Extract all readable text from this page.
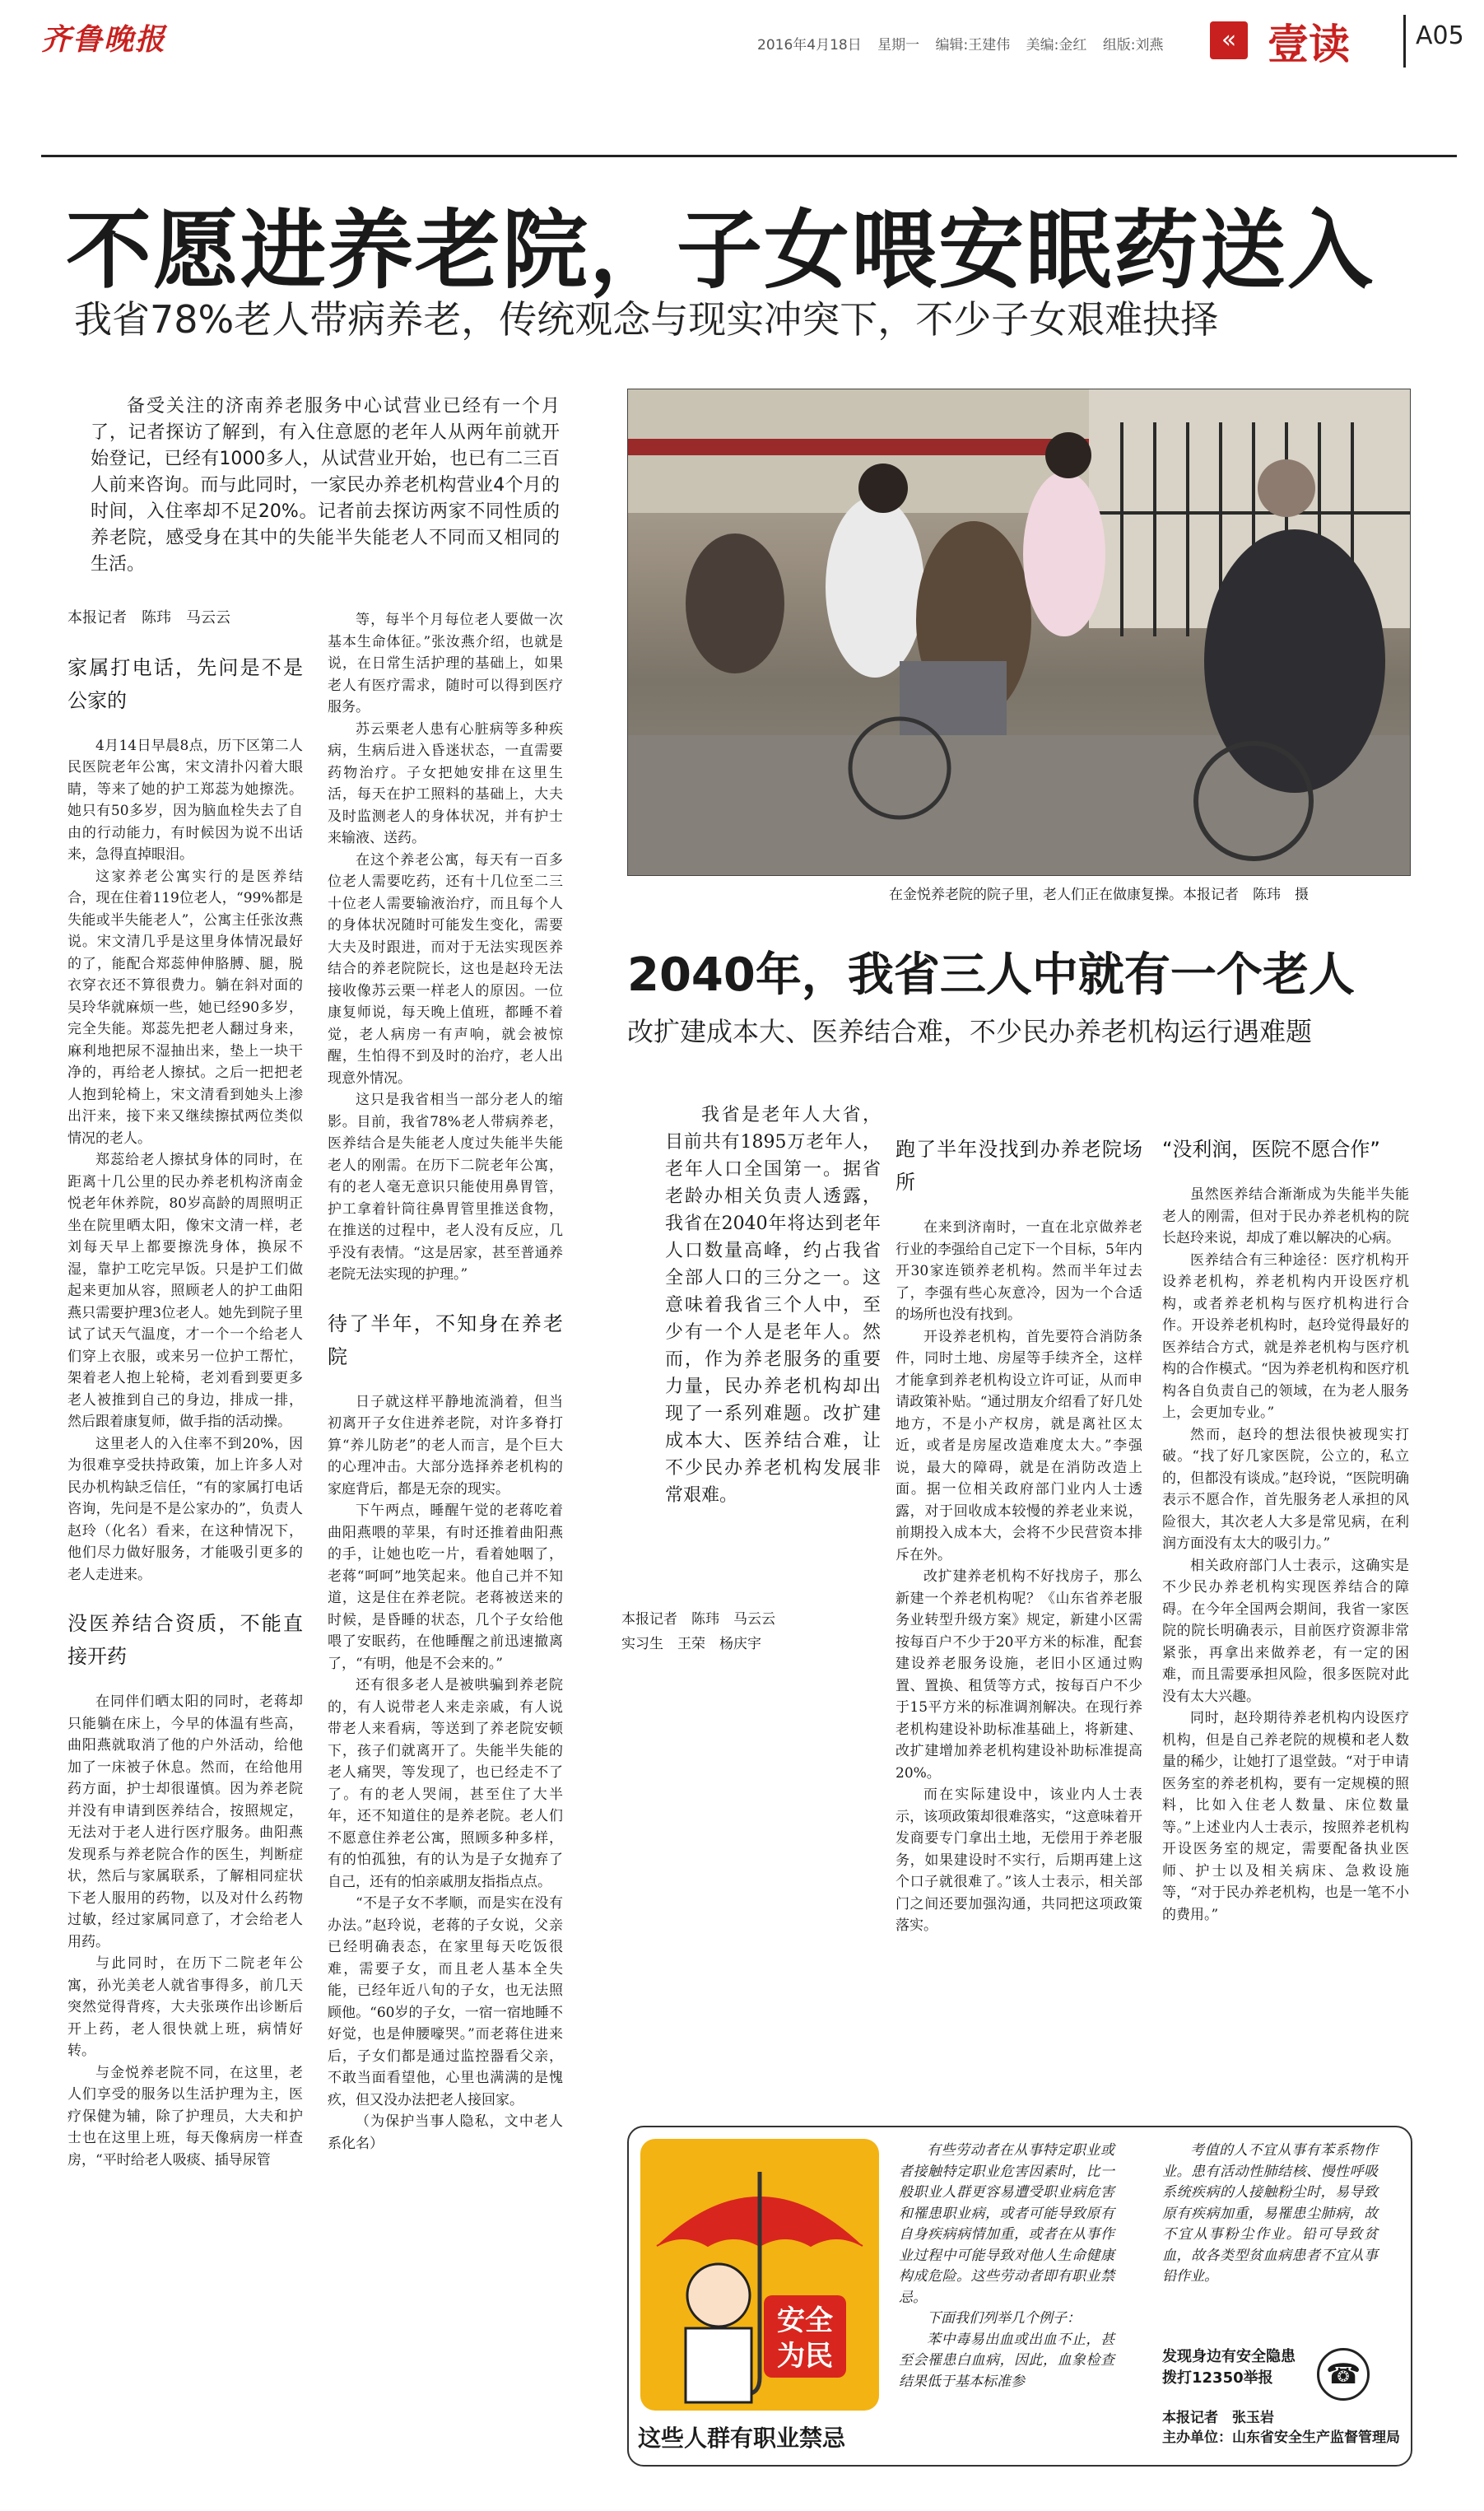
齐鲁晚报	2016年4月18日 星期一 编辑:王建伟 美编:金红 组版:刘燕	« 壹读	A05
不愿进养老院，子女喂安眠药送入
我省78%老人带病养老，传统观念与现实冲突下，不少子女艰难抉择

备受关注的济南养老服务中心试营业已经有一个月了，记者探访了解到，有入住意愿的老年人从两年前就开始登记，已经有1000多人，从试营业开始，也已有二三百人前来咨询。而与此同时，一家民办养老机构营业4个月的时间，入住率却不足20%。记者前去探访两家不同性质的养老院，感受身在其中的失能半失能老人不同而又相同的生活。

本报记者　陈玮　马云云
家属打电话，先问是不是公家的

4月14日早晨8点，历下区第二人民医院老年公寓，宋文清扑闪着大眼睛，等来了她的护工郑蕊为她擦洗。她只有50多岁，因为脑血栓失去了自由的行动能力，有时候因为说不出话来，急得直掉眼泪。

这家养老公寓实行的是医养结合，现在住着119位老人，“99%都是失能或半失能老人”，公寓主任张汝燕说。宋文清几乎是这里身体情况最好的了，能配合郑蕊伸伸胳膊、腿，脱衣穿衣还不算很费力。躺在斜对面的吴玲华就麻烦一些，她已经90多岁，完全失能。郑蕊先把老人翻过身来，麻利地把尿不湿抽出来，垫上一块干净的，再给老人擦拭。之后一把把老人抱到轮椅上，宋文清看到她头上渗出汗来，接下来又继续擦拭两位类似情况的老人。

郑蕊给老人擦拭身体的同时，在距离十几公里的民办养老机构济南金悦老年休养院，80岁高龄的周照明正坐在院里晒太阳，像宋文清一样，老刘每天早上都要擦洗身体，换尿不湿，靠护工吃完早饭。只是护工们做起来更加从容，照顾老人的护工曲阳燕只需要护理3位老人。她先到院子里试了试天气温度，才一个一个给老人们穿上衣服，或来另一位护工帮忙，架着老人抱上轮椅，老刘看到要更多老人被推到自己的身边，排成一排，然后跟着康复师，做手指的活动操。

这里老人的入住率不到20%，因为很难享受扶持政策，加上许多人对民办机构缺乏信任，“有的家属打电话咨询，先问是不是公家办的”，负责人赵玲（化名）看来，在这种情况下，他们尽力做好服务，才能吸引更多的老人走进来。

没医养结合资质，不能直接开药

在同伴们晒太阳的同时，老蒋却只能躺在床上，今早的体温有些高，曲阳燕就取消了他的户外活动，给他加了一床被子休息。然而，在给他用药方面，护士却很谨慎。因为养老院并没有申请到医养结合，按照规定，无法对于老人进行医疗服务。曲阳燕发现系与养老院合作的医生，判断症状，然后与家属联系，了解相同症状下老人服用的药物，以及对什么药物过敏，经过家属同意了，才会给老人用药。

与此同时，在历下二院老年公寓，孙光美老人就省事得多，前几天突然觉得背疼，大夫张瑛作出诊断后开上药，老人很快就上班，病情好转。

与金悦养老院不同，在这里，老人们享受的服务以生活护理为主，医疗保健为辅，除了护理员，大夫和护士也在这里上班，每天像病房一样查房，“平时给老人吸痰、插导尿管

等，每半个月每位老人要做一次基本生命体征。”张汝燕介绍，也就是说，在日常生活护理的基础上，如果老人有医疗需求，随时可以得到医疗服务。

苏云栗老人患有心脏病等多种疾病，生病后进入昏迷状态，一直需要药物治疗。子女把她安排在这里生活，每天在护工照料的基础上，大夫及时监测老人的身体状况，并有护士来输液、送药。

在这个养老公寓，每天有一百多位老人需要吃药，还有十几位至二三十位老人需要输液治疗，而且每个人的身体状况随时可能发生变化，需要大夫及时跟进，而对于无法实现医养结合的养老院院长，这也是赵玲无法接收像苏云栗一样老人的原因。一位康复师说，每天晚上值班，都睡不着觉，老人病房一有声响，就会被惊醒，生怕得不到及时的治疗，老人出现意外情况。

这只是我省相当一部分老人的缩影。目前，我省78%老人带病养老，医养结合是失能老人度过失能半失能老人的刚需。在历下二院老年公寓，有的老人毫无意识只能使用鼻胃管，护工拿着针筒往鼻胃管里推送食物，在推送的过程中，老人没有反应，几乎没有表情。“这是居家，甚至普通养老院无法实现的护理。”

待了半年，不知身在养老院

日子就这样平静地流淌着，但当初离开子女住进养老院，对许多脊打算“养儿防老”的老人而言，是个巨大的心理冲击。大部分选择养老机构的家庭背后，都是无奈的现实。

下午两点，睡醒午觉的老蒋吃着曲阳燕喂的苹果，有时还推着曲阳燕的手，让她也吃一片，看着她咽了，老蒋“呵呵”地笑起来。他自己并不知道，这是住在养老院。老蒋被送来的时候，是昏睡的状态，几个子女给他喂了安眠药，在他睡醒之前迅速撤离了，“有明，他是不会来的。”

还有很多老人是被哄骗到养老院的，有人说带老人来走亲戚，有人说带老人来看病，等送到了养老院安顿下，孩子们就离开了。失能半失能的老人痛哭，等发现了，也已经走不了了。有的老人哭闹，甚至住了大半年，还不知道住的是养老院。老人们不愿意住养老公寓，照顾多种多样，有的怕孤独，有的认为是子女抛弃了自己，还有的怕亲戚朋友指指点点。

“不是子女不孝顺，而是实在没有办法。”赵玲说，老蒋的子女说，父亲已经明确表态，在家里每天吃饭很难，需要子女，而且老人基本全失能，已经年近八旬的子女，也无法照顾他。“60岁的子女，一宿一宿地睡不好觉，也是伸腰嚎哭。”而老蒋住进来后，子女们都是通过监控器看父亲，不敢当面看望他，心里也满满的是愧疚，但又没办法把老人接回家。

（为保护当事人隐私，文中老人系化名）

在金悦养老院的院子里，老人们正在做康复操。本报记者　陈玮　摄
2040年，我省三人中就有一个老人
改扩建成本大、医养结合难，不少民办养老机构运行遇难题

我省是老年人大省，目前共有1895万老年人，老年人口全国第一。据省老龄办相关负责人透露，我省在2040年将达到老年人口数量高峰，约占我省全部人口的三分之一。这意味着我省三个人中，至少有一个人是老年人。然而，作为养老服务的重要力量，民办养老机构却出现了一系列难题。改扩建成本大、医养结合难，让不少民办养老机构发展非常艰难。

本报记者　陈玮　马云云
实习生　王荣　杨庆宇
跑了半年没找到办养老院场所

在来到济南时，一直在北京做养老行业的李强给自己定下一个目标，5年内开30家连锁养老机构。然而半年过去了，李强有些心灰意冷，因为一个合适的场所也没有找到。

开设养老机构，首先要符合消防条件，同时土地、房屋等手续齐全，这样才能拿到养老机构设立许可证，从而申请政策补贴。“通过朋友介绍看了好几处地方，不是小产权房，就是离社区太近，或者是房屋改造难度太大。”李强说，最大的障碍，就是在消防改造上面。据一位相关政府部门业内人士透露，对于回收成本较慢的养老业来说，前期投入成本大，会将不少民营资本排斥在外。

改扩建养老机构不好找房子，那么新建一个养老机构呢？《山东省养老服务业转型升级方案》规定，新建小区需按每百户不少于20平方米的标准，配套建设养老服务设施，老旧小区通过购置、置换、租赁等方式，按每百户不少于15平方米的标准调剂解决。在现行养老机构建设补助标准基础上，将新建、改扩建增加养老机构建设补助标准提高20%。

而在实际建设中，该业内人士表示，该项政策却很难落实，“这意味着开发商要专门拿出土地，无偿用于养老服务，如果建设时不实行，后期再建上这个口子就很难了。”该人士表示，相关部门之间还要加强沟通，共同把这项政策落实。

“没利润，医院不愿合作”

虽然医养结合渐渐成为失能半失能老人的刚需，但对于民办养老机构的院长赵玲来说，却成了难以解决的心病。

医养结合有三种途径：医疗机构开设养老机构，养老机构内开设医疗机构，或者养老机构与医疗机构进行合作。开设养老机构时，赵玲觉得最好的医养结合方式，就是养老机构与医疗机构的合作模式。“因为养老机构和医疗机构各自负责自己的领域，在为老人服务上，会更加专业。”

然而，赵玲的想法很快被现实打破。“找了好几家医院，公立的，私立的，但都没有谈成。”赵玲说，“医院明确表示不愿合作，首先服务老人承担的风险很大，其次老人大多是常见病，在利润方面没有太大的吸引力。”

相关政府部门人士表示，这确实是不少民办养老机构实现医养结合的障碍。在今年全国两会期间，我省一家医院的院长明确表示，目前医疗资源非常紧张，再拿出来做养老，有一定的困难，而且需要承担风险，很多医院对此没有太大兴趣。

同时，赵玲期待养老机构内设医疗机构，但是自己养老院的规模和老人数量的稀少，让她打了退堂鼓。“对于申请医务室的养老机构，要有一定规模的照料，比如入住老人数量、床位数量等。”上述业内人士表示，按照养老机构开设医务室的规定，需要配备执业医师、护士以及相关病床、急救设施等，“对于民办养老机构，也是一笔不小的费用。”

安全
为民
这些人群有职业禁忌

有些劳动者在从事特定职业或者接触特定职业危害因素时，比一般职业人群更容易遭受职业病危害和罹患职业病，或者可能导致原有自身疾病病情加重，或者在从事作业过程中可能导致对他人生命健康构成危险。这些劳动者即有职业禁忌。

下面我们列举几个例子：

苯中毒易出血或出血不止，甚至会罹患白血病，因此，血象检查结果低于基本标准参

考值的人不宜从事有苯系物作业。患有活动性肺结核、慢性呼吸系统疾病的人接触粉尘时，易导致原有疾病加重，易罹患尘肺病，故不宜从事粉尘作业。铅可导致贫血，故各类型贫血病患者不宜从事铅作业。

发现身边有安全隐患
拨打12350举报	☎
本报记者　张玉岩
主办单位：山东省安全生产监督管理局
